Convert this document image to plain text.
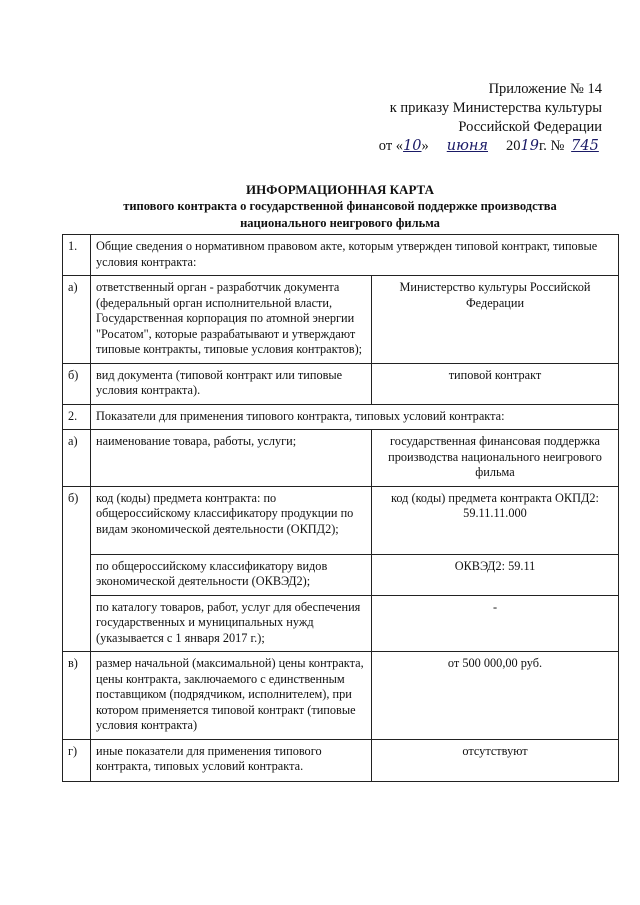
Приложение № 14
к приказу Министерства культуры
Российской Федерации
от «10» июня 2019г. № 745
ИНФОРМАЦИОННАЯ КАРТА
типового контракта о государственной финансовой поддержке производства
национального неигрового фильма
1.	Общие сведения о нормативном правовом акте, которым утвержден типовой контракт, типовые условия контракта:	
а)	ответственный орган - разработчик документа (федеральный орган исполнительной власти, Государственная корпорация по атомной энергии "Росатом", которые разрабатывают и утверждают типовые контракты, типовые условия контрактов);	Министерство культуры Российской Федерации
б)	вид документа (типовой контракт или типовые условия контракта).	типовой контракт
2.	Показатели для применения типового контракта, типовых условий контракта:	
а)	наименование товара, работы, услуги;	государственная финансовая поддержка производства национального неигрового фильма
б)	код (коды) предмета контракта: по общероссийскому классификатору продукции по видам экономической деятельности (ОКПД2);	код (коды) предмета контракта ОКПД2: 59.11.11.000
	по общероссийскому классификатору видов экономической деятельности (ОКВЭД2);	ОКВЭД2: 59.11
	по каталогу товаров, работ, услуг для обеспечения государственных и муниципальных нужд (указывается с 1 января 2017 г.);	-
в)	размер начальной (максимальной) цены контракта, цены контракта, заключаемого с единственным поставщиком (подрядчиком, исполнителем), при котором применяется типовой контракт (типовые условия контракта)	от 500 000,00 руб.
г)	иные показатели для применения типового контракта, типовых условий контракта.	отсутствуют
